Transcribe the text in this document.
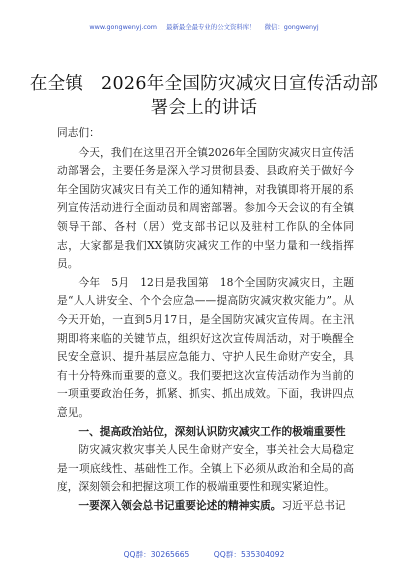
www.gongwenyj.com 最新最全最专业的公文资料库！ 微信：gongwenyj
在全镇　2026年全国防灾减灾日宣传活动部
署会上的讲话

同志们：

今天，我们在这里召开全镇2026年全国防灾减灾日宣传活动部署会，主要任务是深入学习贯彻县委、县政府关于做好今年全国防灾减灾日有关工作的通知精神，对我镇即将开展的系列宣传活动进行全面动员和周密部署。参加今天会议的有全镇领导干部、各村（居）党支部书记以及驻村工作队的全体同志，大家都是我们XX镇防灾减灾工作的中坚力量和一线指挥员。

今年　5月　12日是我国第　18个全国防灾减灾日，主题是“人人讲安全、个个会应急——提高防灾减灾救灾能力”。从今天开始，一直到5月17日，是全国防灾减灾宣传周。在主汛期即将来临的关键节点，组织好这次宣传周活动，对于唤醒全民安全意识、提升基层应急能力、守护人民生命财产安全，具有十分特殊而重要的意义。我们要把这次宣传活动作为当前的一项重要政治任务，抓紧、抓实、抓出成效。下面，我讲四点意见。

一、提高政治站位，深刻认识防灾减灾工作的极端重要性

防灾减灾救灾事关人民生命财产安全，事关社会大局稳定是一项底线性、基础性工作。全镇上下必须从政治和全局的高度，深刻领会和把握这项工作的极端重要性和现实紧迫性。

一要深入领会总书记重要论述的精神实质。习近平总书记

QQ群：30265665	QQ群：535304092
